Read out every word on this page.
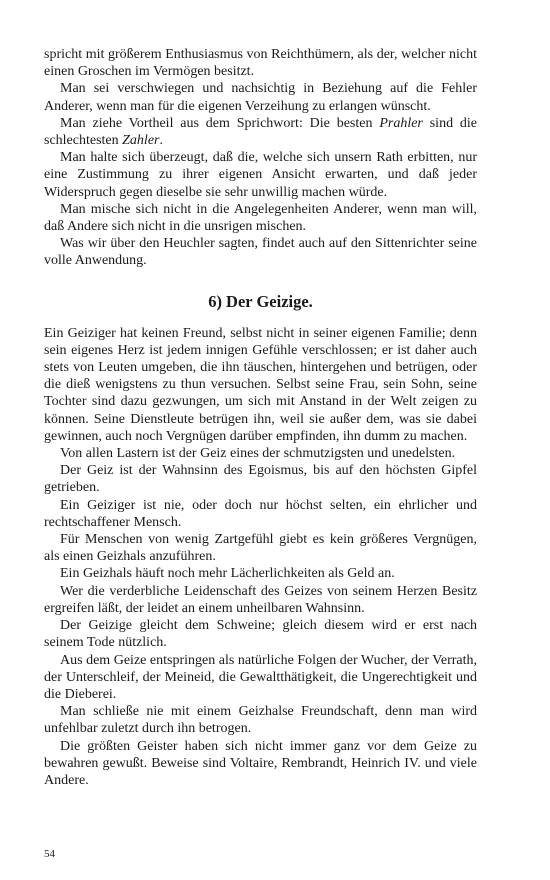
spricht mit größerem Enthusiasmus von Reichthümern, als der, welcher nicht einen Groschen im Vermögen besitzt.

Man sei verschwiegen und nachsichtig in Beziehung auf die Fehler Anderer, wenn man für die eigenen Verzeihung zu erlangen wünscht.

Man ziehe Vortheil aus dem Sprichwort: Die besten Prahler sind die schlechtesten Zahler.

Man halte sich überzeugt, daß die, welche sich unsern Rath erbitten, nur eine Zustimmung zu ihrer eigenen Ansicht erwarten, und daß jeder Widerspruch gegen dieselbe sie sehr unwillig machen würde.

Man mische sich nicht in die Angelegenheiten Anderer, wenn man will, daß Andere sich nicht in die unsrigen mischen.

Was wir über den Heuchler sagten, findet auch auf den Sittenrichter seine volle Anwendung.

6) Der Geizige.

Ein Geiziger hat keinen Freund, selbst nicht in seiner eigenen Familie; denn sein eigenes Herz ist jedem innigen Gefühle verschlossen; er ist daher auch stets von Leuten umgeben, die ihn täuschen, hintergehen und betrügen, oder die dieß wenigstens zu thun versuchen. Selbst seine Frau, sein Sohn, seine Tochter sind dazu gezwungen, um sich mit Anstand in der Welt zeigen zu können. Seine Dienstleute betrügen ihn, weil sie außer dem, was sie dabei gewinnen, auch noch Vergnügen darüber empfinden, ihn dumm zu machen.

Von allen Lastern ist der Geiz eines der schmutzigsten und unedelsten.

Der Geiz ist der Wahnsinn des Egoismus, bis auf den höchsten Gipfel getrieben.

Ein Geiziger ist nie, oder doch nur höchst selten, ein ehrlicher und rechtschaffener Mensch.

Für Menschen von wenig Zartgefühl giebt es kein größeres Vergnügen, als einen Geizhals anzuführen.

Ein Geizhals häuft noch mehr Lächerlichkeiten als Geld an.

Wer die verderbliche Leidenschaft des Geizes von seinem Herzen Besitz ergreifen läßt, der leidet an einem unheilbaren Wahnsinn.

Der Geizige gleicht dem Schweine; gleich diesem wird er erst nach seinem Tode nützlich.

Aus dem Geize entspringen als natürliche Folgen der Wucher, der Verrath, der Unterschleif, der Meineid, die Gewaltthätigkeit, die Ungerechtigkeit und die Dieberei.

Man schließe nie mit einem Geizhalse Freundschaft, denn man wird unfehlbar zuletzt durch ihn betrogen.

Die größten Geister haben sich nicht immer ganz vor dem Geize zu bewahren gewußt. Beweise sind Voltaire, Rembrandt, Heinrich IV. und viele Andere.

54
